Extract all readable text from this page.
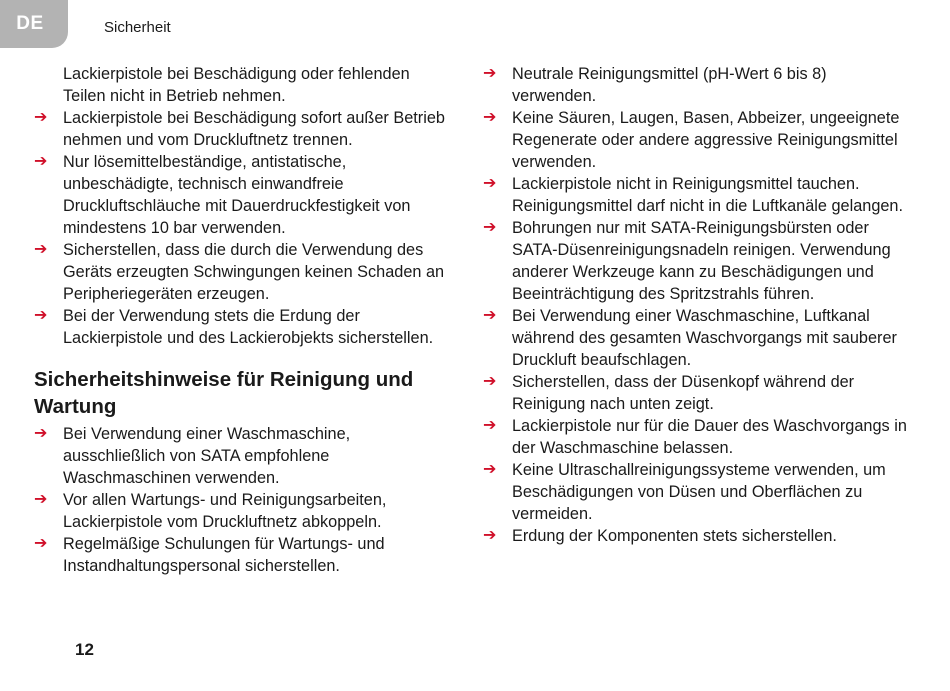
DE	Sicherheit
Lackierpistole bei Beschädigung oder fehlenden Teilen nicht in Betrieb nehmen.
➔ Lackierpistole bei Beschädigung sofort außer Betrieb nehmen und vom Druckluftnetz trennen.
➔ Nur lösemittelbeständige, antistatische, unbeschädigte, technisch einwandfreie Druckluftschläuche mit Dauerdruckfestigkeit von mindestens 10 bar verwenden.
➔ Sicherstellen, dass die durch die Verwendung des Geräts erzeugten Schwingungen keinen Schaden an Peripheriegeräten erzeugen.
➔ Bei der Verwendung stets die Erdung der Lackierpistole und des Lackierobjekts sicherstellen.
Sicherheitshinweise für Reinigung und Wartung
➔ Bei Verwendung einer Waschmaschine, ausschließlich von SATA empfohlene Waschmaschinen verwenden.
➔ Vor allen Wartungs- und Reinigungsarbeiten, Lackierpistole vom Druckluftnetz abkoppeln.
➔ Regelmäßige Schulungen für Wartungs- und Instandhaltungspersonal sicherstellen.
➔ Neutrale Reinigungsmittel (pH-Wert 6 bis 8) verwenden.
➔ Keine Säuren, Laugen, Basen, Abbeizer, ungeeignete Regenerate oder andere aggressive Reinigungsmittel verwenden.
➔ Lackierpistole nicht in Reinigungsmittel tauchen. Reinigungsmittel darf nicht in die Luftkanäle gelangen.
➔ Bohrungen nur mit SATA-Reinigungsbürsten oder SATA-Düsenreinigungsnadeln reinigen. Verwendung anderer Werkzeuge kann zu Beschädigungen und Beeinträchtigung des Spritzstrahls führen.
➔ Bei Verwendung einer Waschmaschine, Luftkanal während des gesamten Waschvorgangs mit sauberer Druckluft beaufschlagen.
➔ Sicherstellen, dass der Düsenkopf während der Reinigung nach unten zeigt.
➔ Lackierpistole nur für die Dauer des Waschvorgangs in der Waschmaschine belassen.
➔ Keine Ultraschallreinigungssysteme verwenden, um Beschädigungen von Düsen und Oberflächen zu vermeiden.
➔ Erdung der Komponenten stets sicherstellen.
12
